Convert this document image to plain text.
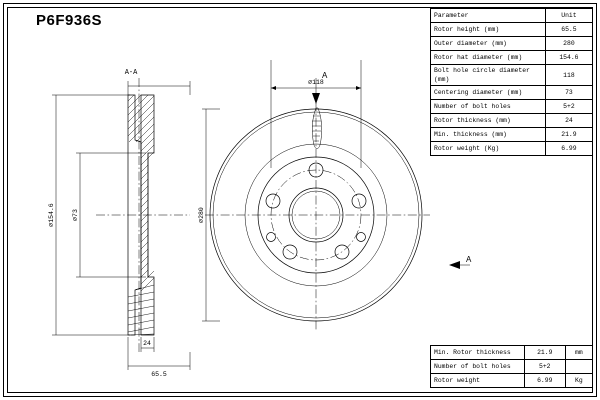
P6F936S	Parameter	Unit
Rotor height (mm)	65.5
Outer diameter (mm)	280
Rotor hat diameter (mm)	154.6
Bolt hole circle diameter (mm)	118
Centering diameter (mm)	73
Number of bolt holes	5+2
Rotor thickness (mm)	24
Min. thickness (mm)	21.9
Rotor weight (Kg)	6.99
Min. Rotor thickness	21.9	mm
Number of bolt holes	5+2	
Rotor weight	6.99	Kg
A-A
⌀154.6	⌀73
24
65.5
⌀118
⌀280
A
A
